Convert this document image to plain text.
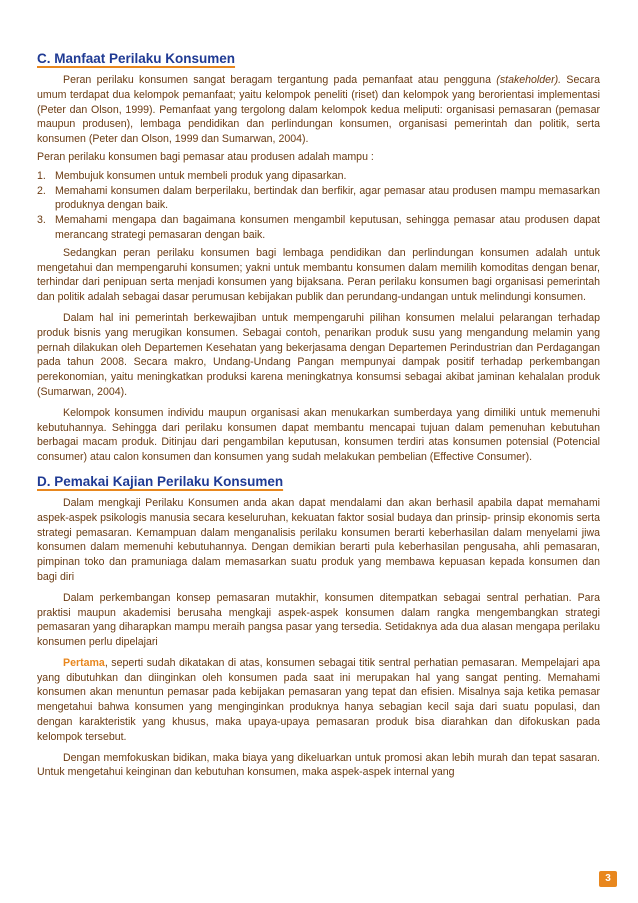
C. Manfaat Perilaku Konsumen

Peran perilaku konsumen sangat beragam tergantung pada pemanfaat atau pengguna (stakeholder). Secara umum terdapat dua kelompok pemanfaat; yaitu kelompok peneliti (riset) dan kelompok yang berorientasi implementasi (Peter dan Olson, 1999). Pemanfaat yang tergolong dalam kelompok kedua meliputi: organisasi pemasaran (pemasar maupun produsen), lembaga pendidikan dan perlindungan konsumen, organisasi pemerintah dan politik, serta konsumen (Peter dan Olson, 1999 dan Sumarwan, 2004).

Peran perilaku konsumen bagi pemasar atau produsen adalah mampu :

1. Membujuk konsumen untuk membeli produk yang dipasarkan.
2. Memahami konsumen dalam berperilaku, bertindak dan berfikir, agar pemasar atau produsen mampu memasarkan produknya dengan baik.
3. Memahami mengapa dan bagaimana konsumen mengambil keputusan, sehingga pemasar atau produsen dapat merancang strategi pemasaran dengan baik.

Sedangkan peran perilaku konsumen bagi lembaga pendidikan dan perlindungan konsumen adalah untuk mengetahui dan mempengaruhi konsumen; yakni untuk membantu konsumen dalam memilih komoditas dengan benar, terhindar dari penipuan serta menjadi konsumen yang bijaksana. Peran perilaku konsumen bagi organisasi pemerintah dan politik adalah sebagai dasar perumusan kebijakan publik dan perundang-undangan untuk melindungi konsumen.

Dalam hal ini pemerintah berkewajiban untuk mempengaruhi pilihan konsumen melalui pelarangan terhadap produk bisnis yang merugikan konsumen. Sebagai contoh, penarikan produk susu yang mengandung melamin yang pernah dilakukan oleh Departemen Kesehatan yang bekerjasama dengan Departemen Perindustrian dan Perdagangan pada tahun 2008. Secara makro, Undang-Undang Pangan mempunyai dampak positif terhadap perkembangan perekonomian, yaitu meningkatkan produksi karena meningkatnya konsumsi sebagai akibat jaminan kehalalan produk (Sumarwan, 2004).

Kelompok konsumen individu maupun organisasi akan menukarkan sumberdaya yang dimiliki untuk memenuhi kebutuhannya. Sehingga dari perilaku konsumen dapat membantu mencapai tujuan dalam pemenuhan kebutuhan berbagai macam produk. Ditinjau dari pengambilan keputusan, konsumen terdiri atas konsumen potensial (Potencial consumer) atau calon konsumen dan konsumen yang sudah melakukan pembelian (Effective Consumer).

D. Pemakai Kajian Perilaku Konsumen

Dalam mengkaji Perilaku Konsumen anda akan dapat mendalami dan akan berhasil apabila dapat memahami aspek-aspek psikologis manusia secara keseluruhan, kekuatan faktor sosial budaya dan prinsip- prinsip ekonomis serta strategi pemasaran. Kemampuan dalam menganalisis perilaku konsumen berarti keberhasilan dalam menyelami jiwa konsumen dalam memenuhi kebutuhannya. Dengan demikian berarti pula keberhasilan pengusaha, ahli pemasaran, pimpinan toko dan pramuniaga dalam memasarkan suatu produk yang membawa kepuasan kepada konsumen dan bagi diri

Dalam perkembangan konsep pemasaran mutakhir, konsumen ditempatkan sebagai sentral perhatian. Para praktisi maupun akademisi berusaha mengkaji aspek-aspek konsumen dalam rangka mengembangkan strategi pemasaran yang diharapkan mampu meraih pangsa pasar yang tersedia. Setidaknya ada dua alasan mengapa perilaku konsumen perlu dipelajari

Pertama, seperti sudah dikatakan di atas, konsumen sebagai titik sentral perhatian pemasaran. Mempelajari apa yang dibutuhkan dan diinginkan oleh konsumen pada saat ini merupakan hal yang sangat penting. Memahami konsumen akan menuntun pemasar pada kebijakan pemasaran yang tepat dan efisien. Misalnya saja ketika pemasar mengetahui bahwa konsumen yang menginginkan produknya hanya sebagian kecil saja dari suatu populasi, dan dengan karakteristik yang khusus, maka upaya-upaya pemasaran produk bisa diarahkan dan difokuskan pada kelompok tersebut.

Dengan memfokuskan bidikan, maka biaya yang dikeluarkan untuk promosi akan lebih murah dan tepat sasaran. Untuk mengetahui keinginan dan kebutuhan konsumen, maka aspek-aspek internal yang

3
